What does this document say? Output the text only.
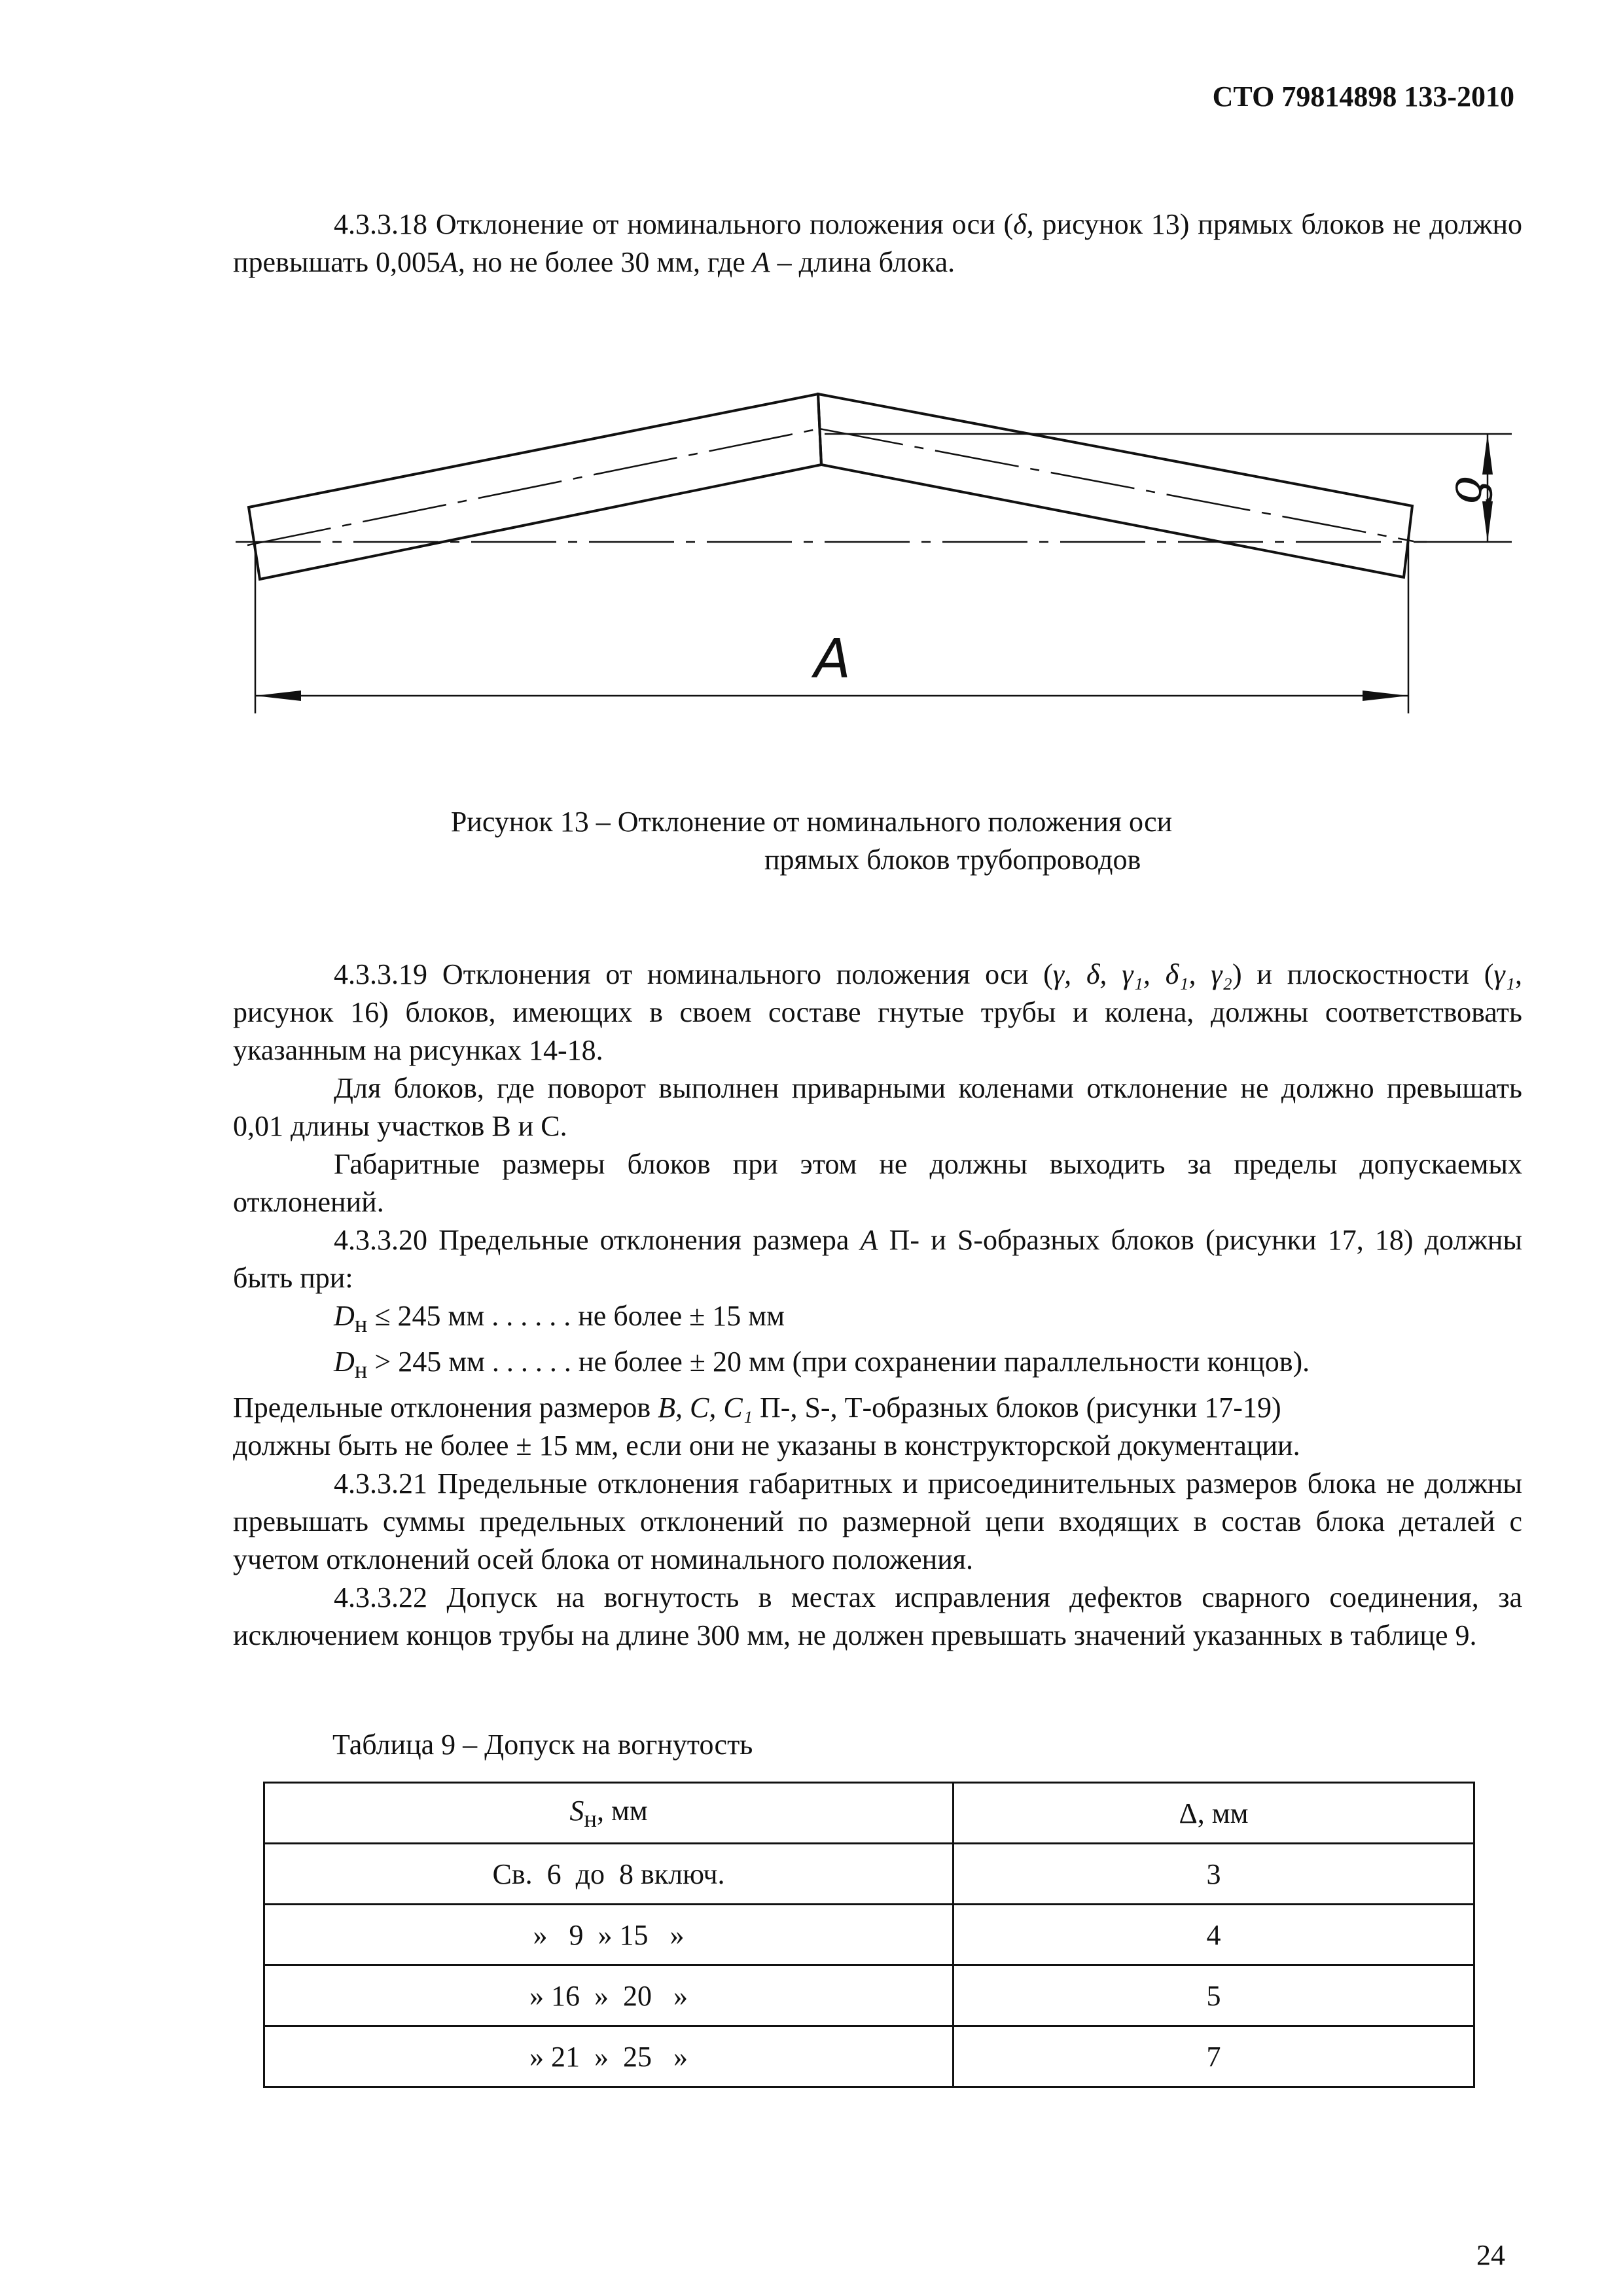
СТО 79814898 133-2010

4.3.3.18 Отклонение от номинального положения оси (δ, рисунок 13) прямых блоков не должно превышать 0,005A, но не более 30 мм, где A – длина блока.

A
δ
Рисунок 13 – Отклонение от номинального положения оси
прямых блоков трубопроводов

4.3.3.19 Отклонения от номинального положения оси (γ, δ, γ₁, δ₁, γ₂) и плоскостности (γ₁, рисунок 16) блоков, имеющих в своем составе гнутые трубы и колена, должны соответствовать указанным на рисунках 14-18.

Для блоков, где поворот выполнен приварными коленами отклонение не должно превышать 0,01 длины участков B и C.

Габаритные размеры блоков при этом не должны выходить за пределы допускаемых отклонений.

4.3.3.20 Предельные отклонения размера A П- и S-образных блоков (рисунки 17, 18) должны быть при:

$D_н \le 245$ мм . . . . . . не более ± 15 мм

$D_н > 245$ мм . . . . . . не более ± 20 мм (при сохранении параллельности концов).

Предельные отклонения размеров B, C, C₁ П-, S-, Т-образных блоков (рисунки 17-19)

должны быть не более ± 15 мм, если они не указаны в конструкторской документации.

4.3.3.21 Предельные отклонения габаритных и присоединительных размеров блока не должны превышать суммы предельных отклонений по размерной цепи входящих в состав блока деталей с учетом отклонений осей блока от номинального положения.

4.3.3.22 Допуск на вогнутость в местах исправления дефектов сварного соединения, за исключением концов трубы на длине 300 мм, не должен превышать значений указанных в таблице 9.

Таблица 9 – Допуск на вогнутость
$S_н$, мм	Δ, мм
Св.  6  до  8 включ.	3
»   9  » 15   »	4
» 16  »  20   »	5
» 21  »  25   »	7
24
